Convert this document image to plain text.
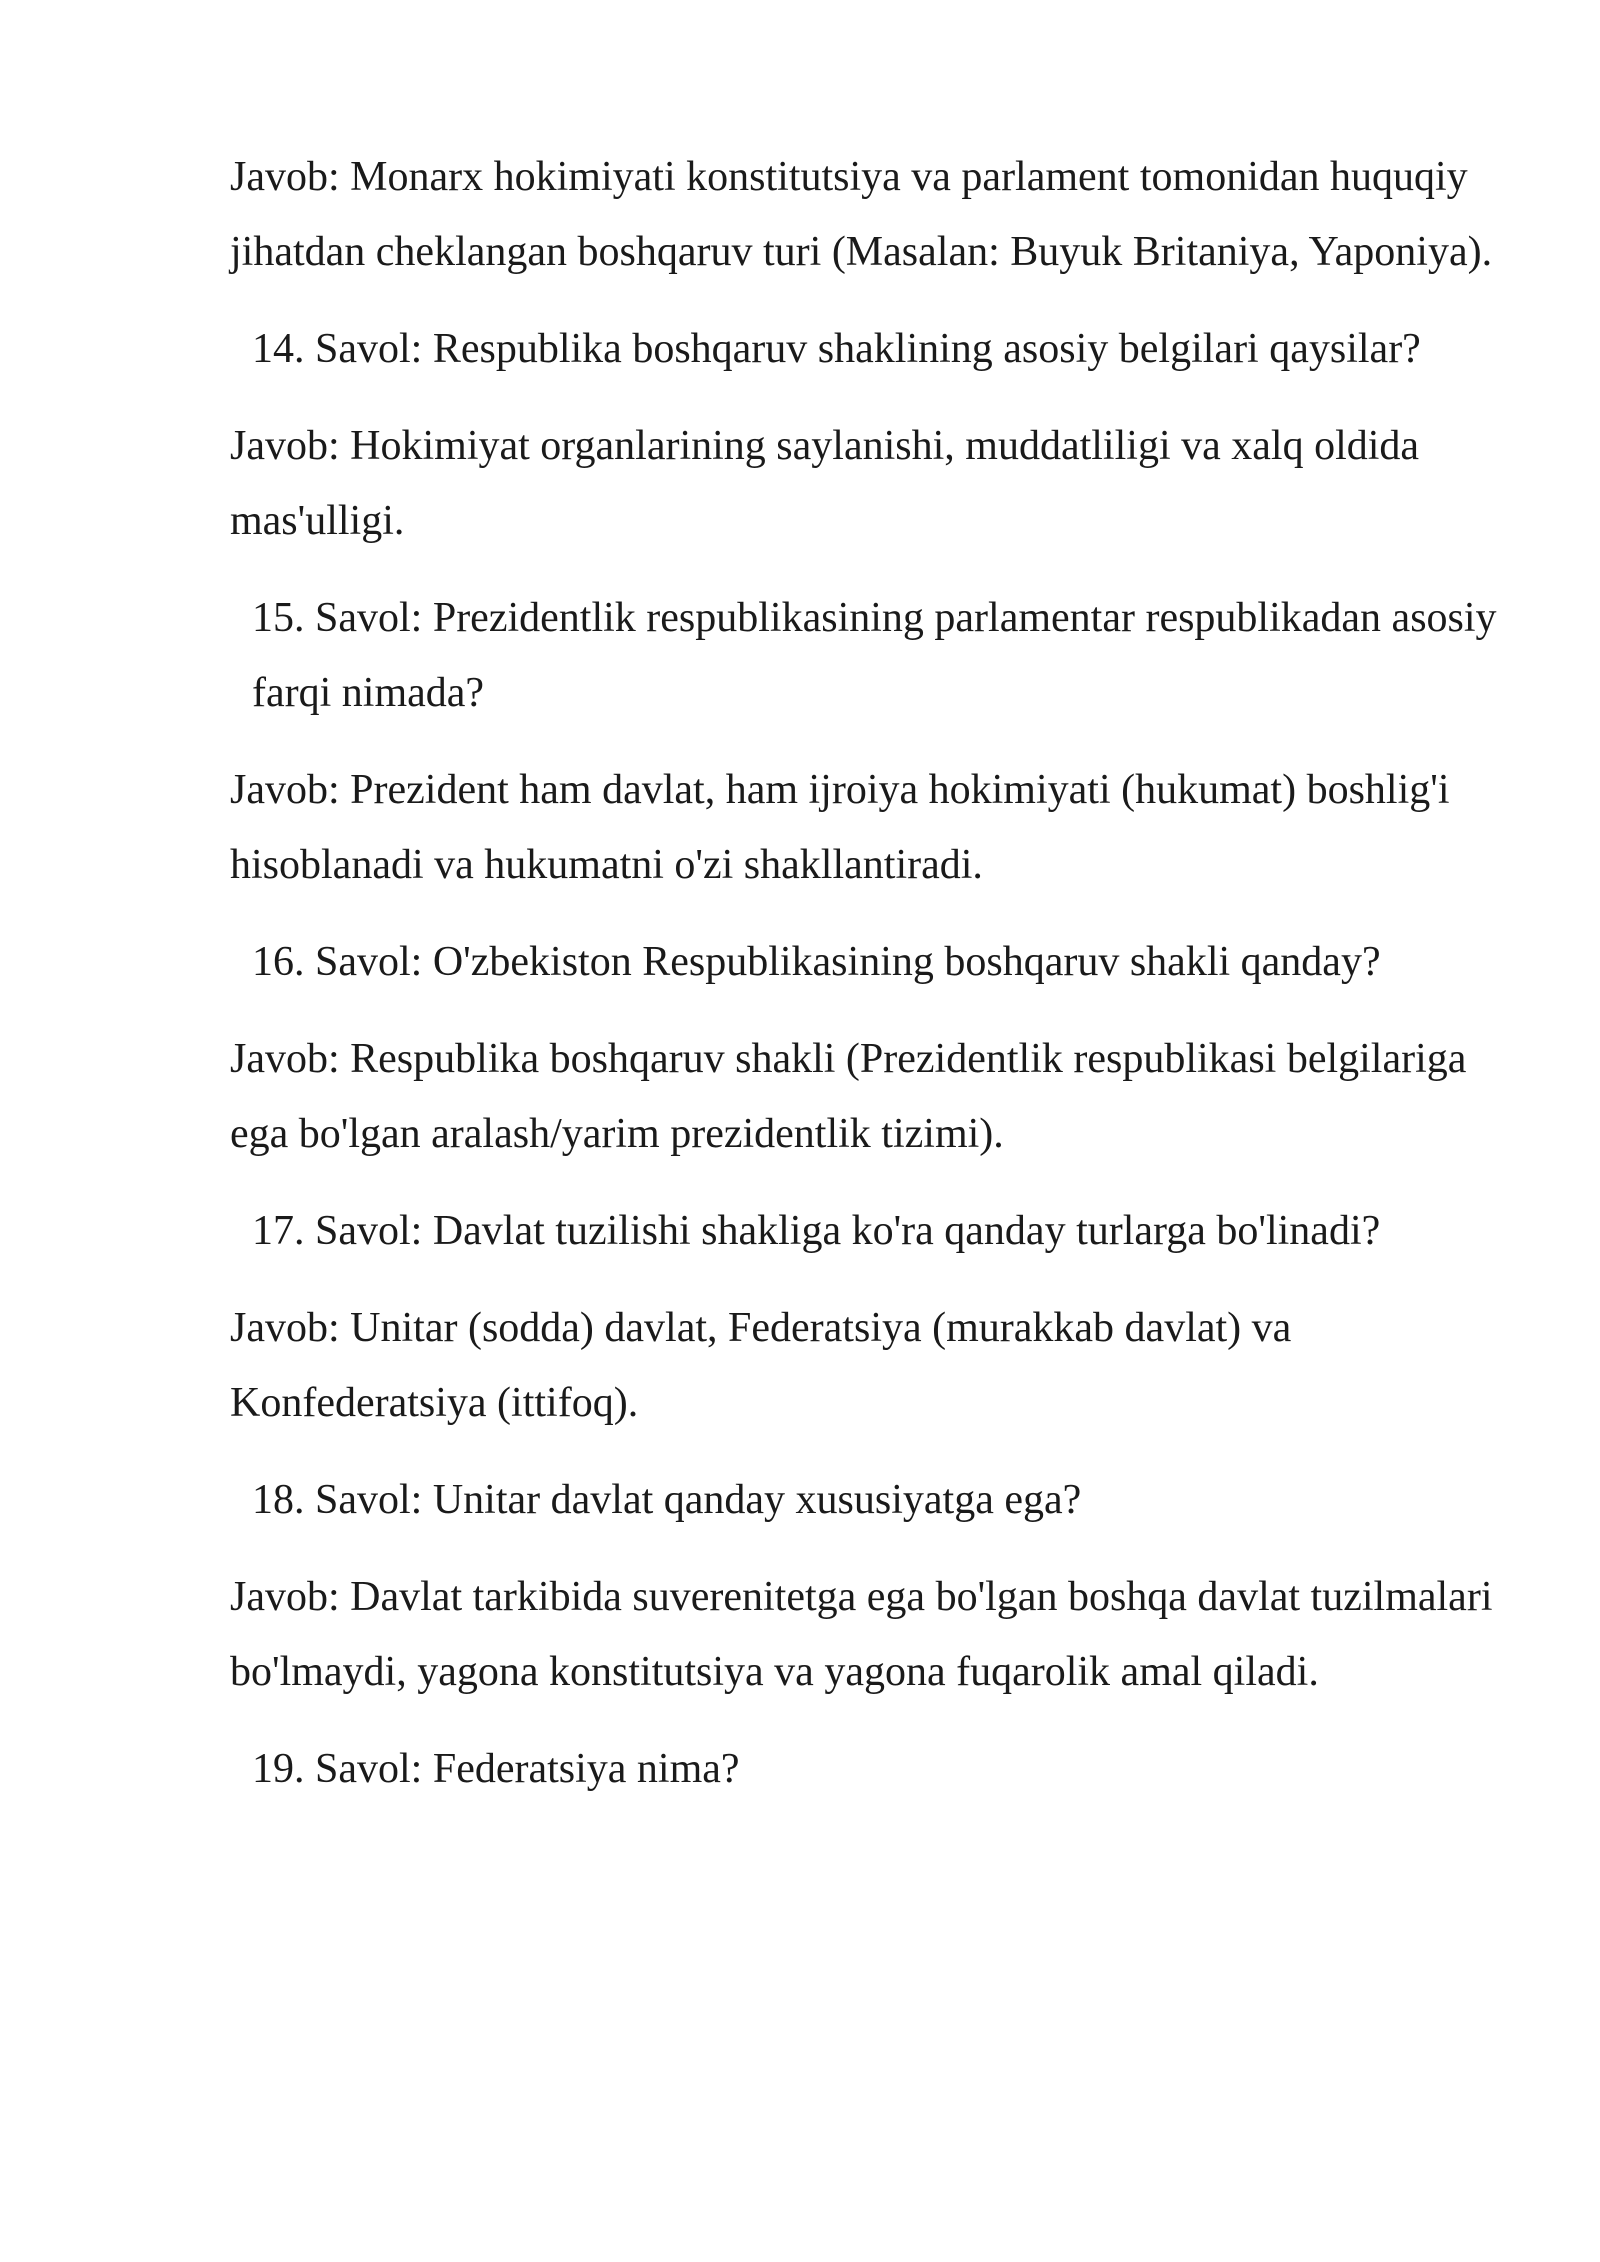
Javob: Monarx hokimiyati konstitutsiya va parlament tomonidan huquqiy jihatdan cheklangan boshqaruv turi (Masalan: Buyuk Britaniya, Yaponiya).

14. Savol: Respublika boshqaruv shaklining asosiy belgilari qaysilar?

Javob: Hokimiyat organlarining saylanishi, muddatliligi va xalq oldida mas'ulligi.

15. Savol: Prezidentlik respublikasining parlamentar respublikadan asosiy farqi nimada?

Javob: Prezident ham davlat, ham ijroiya hokimiyati (hukumat) boshlig'i hisoblanadi va hukumatni o'zi shakllantiradi.

16. Savol: O'zbekiston Respublikasining boshqaruv shakli qanday?

Javob: Respublika boshqaruv shakli (Prezidentlik respublikasi belgilariga ega bo'lgan aralash/yarim prezidentlik tizimi).

17. Savol: Davlat tuzilishi shakliga ko'ra qanday turlarga bo'linadi?

Javob: Unitar (sodda) davlat, Federatsiya (murakkab davlat) va Konfederatsiya (ittifoq).

18. Savol: Unitar davlat qanday xususiyatga ega?

Javob: Davlat tarkibida suverenitetga ega bo'lgan boshqa davlat tuzilmalari bo'lmaydi, yagona konstitutsiya va yagona fuqarolik amal qiladi.

19. Savol: Federatsiya nima?
